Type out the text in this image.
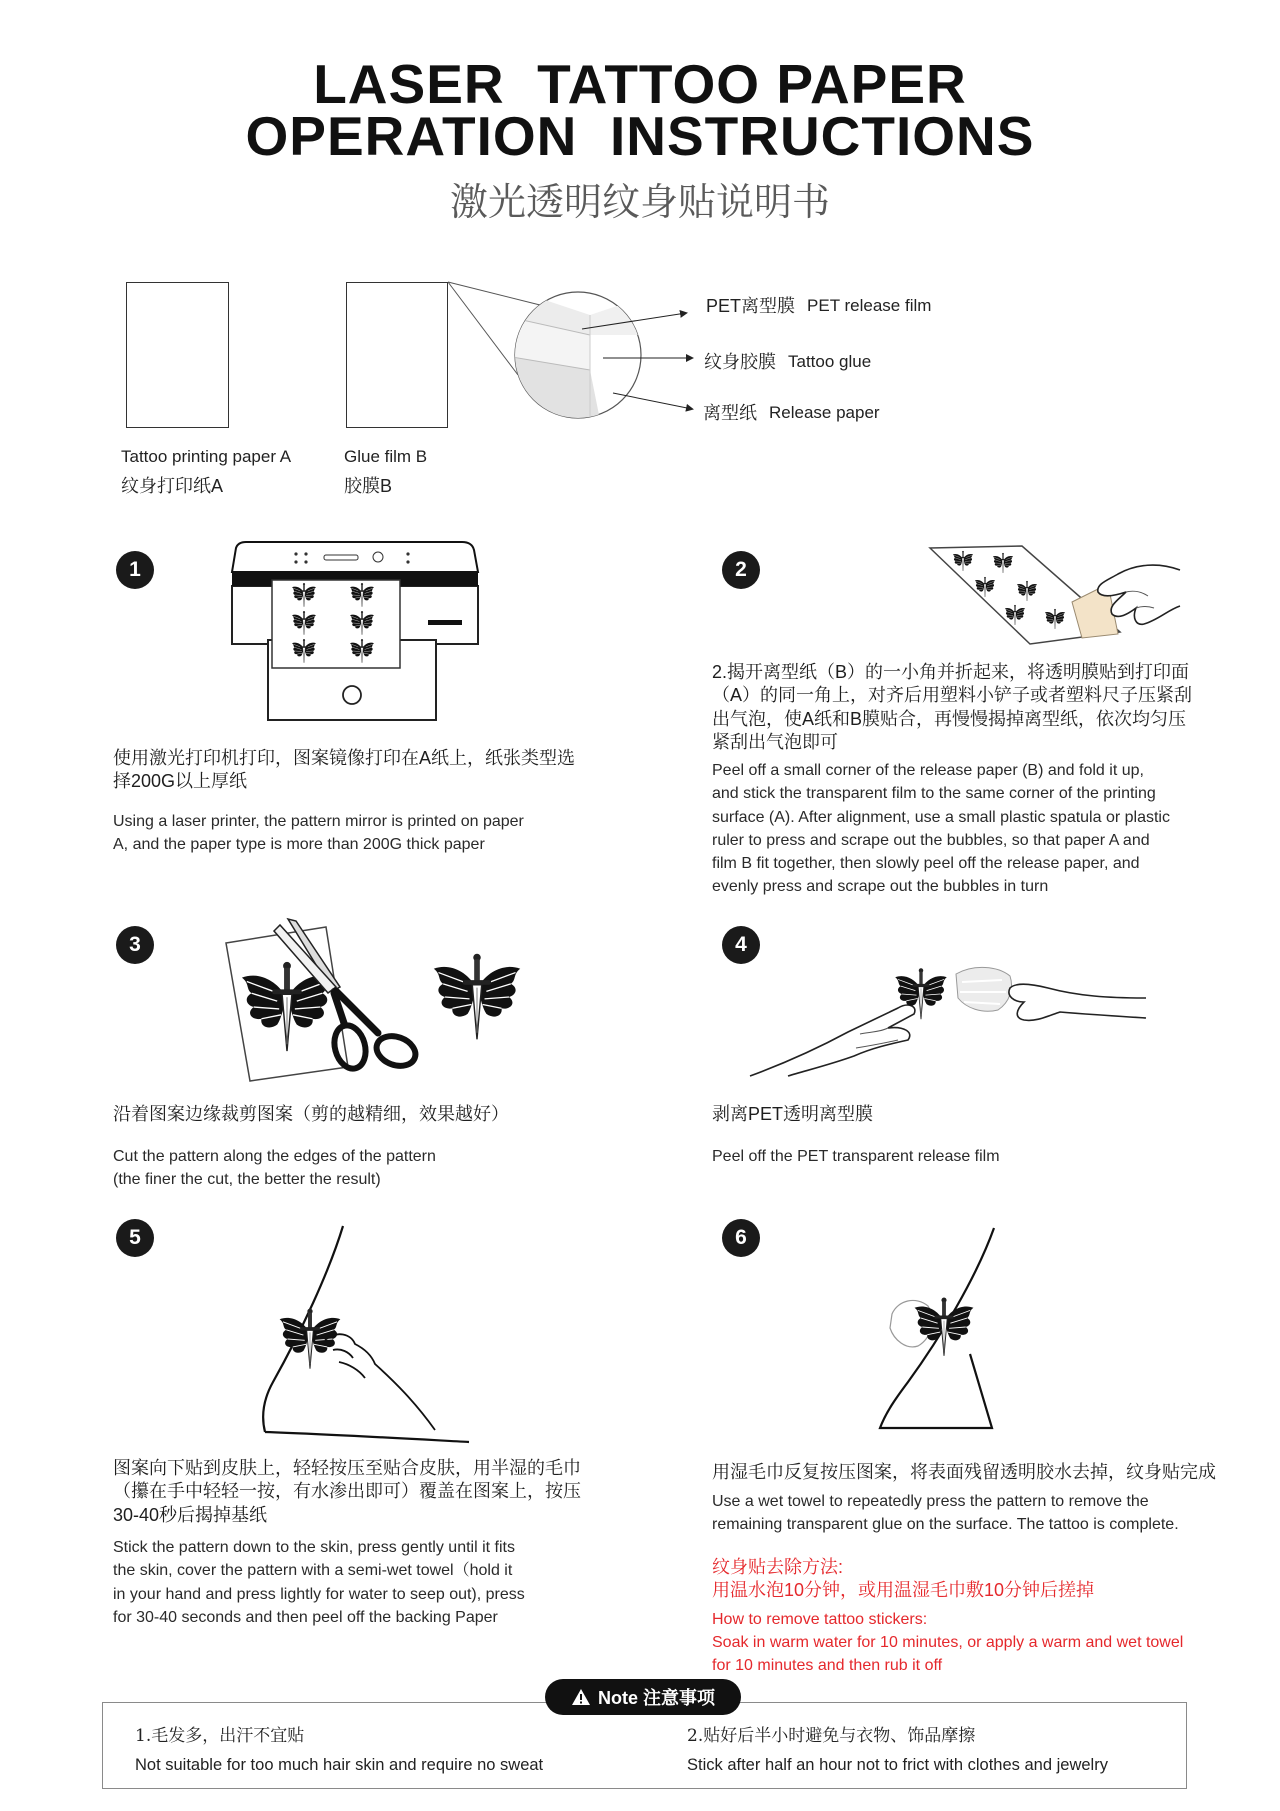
LASER  TATTOO PAPER
OPERATION  INSTRUCTIONS
激光透明纹身贴说明书
PET离型膜 PET release film
纹身胶膜 Tattoo glue
离型纸 Release paper
Tattoo printing paper A
纹身打印纸A
Glue film B
胶膜B
1
使用激光打印机打印，图案镜像打印在A纸上，纸张类型选
择200G以上厚纸
Using a laser printer, the pattern mirror is printed on paper
A, and the paper type is more than 200G thick paper
2
2.揭开离型纸（B）的一小角并折起来，将透明膜贴到打印面
（A）的同一角上，对齐后用塑料小铲子或者塑料尺子压紧刮
出气泡，使A纸和B膜贴合，再慢慢揭掉离型纸，依次均匀压
紧刮出气泡即可
Peel off a small corner of the release paper (B) and fold it up,
and stick the transparent film to the same corner of the printing
surface (A). After alignment, use a small plastic spatula or plastic
ruler to press and scrape out the bubbles, so that paper A and
film B fit together, then slowly peel off the release paper, and
evenly press and scrape out the bubbles in turn
3
沿着图案边缘裁剪图案（剪的越精细，效果越好）
Cut the pattern along the edges of the pattern
(the finer the cut, the better the result)
4
剥离PET透明离型膜
Peel off the PET transparent release film
5
图案向下贴到皮肤上，轻轻按压至贴合皮肤，用半湿的毛巾
（攥在手中轻轻一按，有水渗出即可）覆盖在图案上，按压
30-40秒后揭掉基纸
Stick the pattern down to the skin, press gently until it fits
the skin, cover the pattern with a semi-wet towel（hold it
in your hand and press lightly for water to seep out), press
for 30-40 seconds and then peel off the backing Paper
6
用湿毛巾反复按压图案，将表面残留透明胶水去掉，纹身贴完成
Use a wet towel to repeatedly press the pattern to remove the
remaining transparent glue on the surface. The tattoo is complete.
纹身贴去除方法:
用温水泡10分钟，或用温湿毛巾敷10分钟后搓掉
How to remove tattoo stickers:
Soak in warm water for 10 minutes, or apply a warm and wet towel
for 10 minutes and then rub it off
1.毛发多，出汗不宜贴
Not suitable for too much hair skin and require no sweat
2.贴好后半小时避免与衣物、饰品摩擦
Stick after half an hour not to frict with clothes and jewelry
Note 注意事项
